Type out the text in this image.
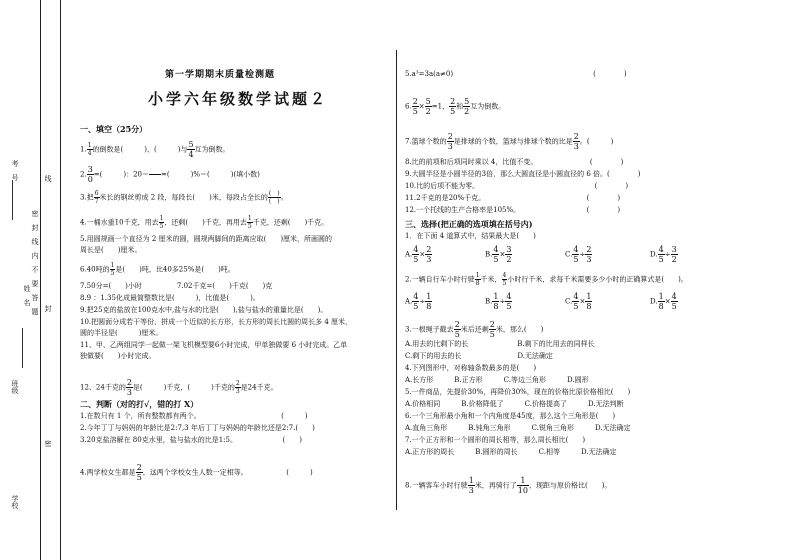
考　号
姓　名
班级
学校
密　封　线　内　不　要　答　题
线
封
密
第一学期期末质量检测题
小学六年级数学试题２
一、填空（25分）
1. $\frac{1}{4}$ 的倒数是(　　　)，(　　　)与 $\frac{5}{4}$ 互为倒数。
2. $\frac{3}{0}$ =(　　　)：20＝ =(　　　)%＝(　　　)(填小数)
3.把 $\frac{6}{7}$ 米长的钢丝剪成 2 段，每段长(　　)米，每段占全长的 $\frac{( )}{( )}$ 。
4.一桶水重10千克，用去 $\frac{1}{5}$ ，还剩(　　)千克，再用去 $\frac{1}{5}$ 千克，还剩(　　)千克。
5.用圆规画一个直径为 2 厘米的圆，圆规两脚间的距离应取(　　)厘米，所画圆的
周长是(　　)厘米。
6.40吨的 $\frac{1}{5}$ 是(　　)吨，比40多25%是(　　)吨。
7.50分=(　　)小时　　　　　7.02千克=(　　)千克(　　)克
8.9 ：1.35化成最简整数比是(　　　)，比值是(　　　)。
9.把25克的盐放在100克水中,盐与水的比是(　　),盐与盐水的重量比是(　　)。
10.把圆面分成若干等份，拼成一个近似的长方形，长方形的周长比圆的周长多 4 厘米，
圆的半径是(　　　)厘米。
11、甲、乙两组同学一起做一架飞机模型要6小时完成，甲单独做要 6 小时完成。乙单
独做要(　　)小时完成。
12、24千克的 $\frac{2}{3}$ 是(　　　)千克，(　　　)千克的 $\frac{2}{3}$ 是24千克。
二、判断（对的打√，错的打 X）
1.在数只有 1 个，所有整数都有两个。　　　　　　　　　　　　(　　　)
2.今年丁丁与妈妈的年龄比是2:7,3 年后丁丁与妈妈的年龄比还是2:7.(　　)
3.20克盐溶解在 80克水里，盐与盐水的比是1:5。　　　　　　　(　　)
4.两学校女生都是 $\frac{2}{5}$ ，这两个学校女生人数一定相等。　　　　　　(　　　)
5.a³=3a(a≠0)　　　　　　　　　　　　　　　　　　　　(　　　　)
6. $\frac{2}{5} \times \frac{5}{2} =1$， $\frac{2}{5}$ 和 $\frac{5}{2}$ 互为倒数。
7.篮球个数的 $\frac{2}{3}$ 是排球的个数，篮球与排球个数的比是 $\frac{2}{3}$ 。(　　　)
8.比的前项和后项同时乘以 4，比值不变。　　　　　　　　(　　　　)
9.大圆半径是小圆半径的3倍，那么大圆直径是小圆直径的 6 倍。(　　　　)
10.比的后项不能为零。　　　　　　　　　　　　　　　　　(　　　　)
11.2千克的是20%千克。　　　　　　　　　　　　　　　(　　　　)
12.一个托线的生产合格率是105%。　　　　　　　　　　(　　　　)
三、选择(把正确的选项填在括号内)
1．在下面 4 道算式中，结果最大是(　　)
A. $\frac{4}{5} \times \frac{2}{3}$	B. $\frac{4}{5} \times \frac{3}{2}$	C. $\frac{4}{5} \div \frac{2}{3}$	D. $\frac{4}{5} \div \frac{3}{2}$
2.一辆自行车小时行驶 $\frac{1}{8}$ 千米， $\frac{4}{5}$ 小时行千米，求每千米需要多少小时的正确算式是(　　)。
A. $\frac{4}{5} \div \frac{1}{8}$	B. $\frac{1}{8} \div \frac{4}{5}$	C. $\frac{4}{5} \times \frac{1}{8}$	D. $\frac{1}{8} \times \frac{4}{5}$
3.一根绳子截去 $\frac{2}{5}$ 米后还剩 $\frac{2}{5}$ 米，那么(　　)
A.用去的比剩下的长　　　　　　　B.剩下的比用去的同样长
C.剩下的用去的长　　　　　　　　D.无法确定
4.下列图形中，对称轴条数最多的是(　　)
A.长方形　　　B.正方形　　　C.等边三角形　　　D.圆形
5.一件商品，先提价30%，再降价30%，现在的价格比原价格相比(　　)
A.价格相同　　　B.价格降低了　　　C.价格提高了　　　D.无法判断
6.一个三角形最小角和一个内角度是45度，那么这个三角形是(　　)
A.直角三角形　　　B.钝角三角形　　　C.锐角三角形　　　D.无法确定
7.一个正方形和一个圆形的周长相等，那么周长相比(　　)
A.正方形的周长　　　B.圆形的周长　　　C.相等　　　D.无法确定
8.一辆客车小时行驶 $\frac{1}{3}$ 米，再骑行了 $\frac{1}{10}$ ，现距与原价格比(　　)。
